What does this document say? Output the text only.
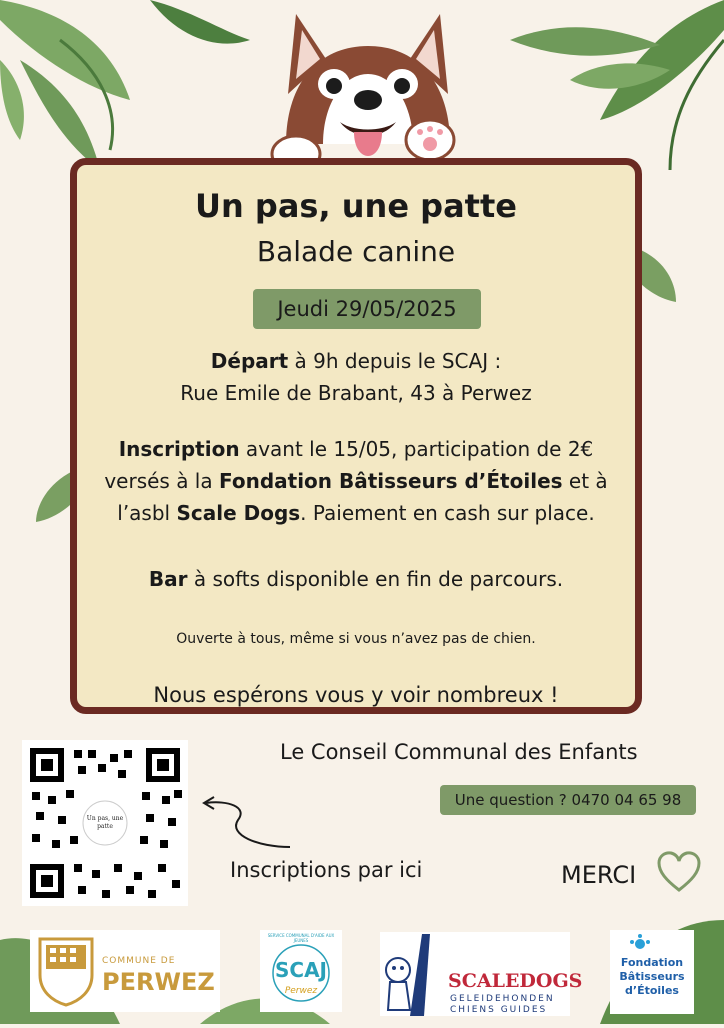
Un pas, une patte
Balade canine
Jeudi 29/05/2025
Départ à 9h depuis le SCAJ :
Rue Emile de Brabant, 43 à Perwez
Inscription avant le 15/05, participation de 2€
versés à la Fondation Bâtisseurs d’Étoiles et à
l’asbl Scale Dogs. Paiement en cash sur place.
Bar à softs disponible en fin de parcours.
Ouverte à tous, même si vous n’avez pas de chien.
Nous espérons vous y voir nombreux !
Un pas, une patte
Le Conseil Communal des Enfants
Une question ? 0470 04 65 98
Inscriptions par ici	MERCI
COMMUNE DE
PERWEZ
SERVICE COMMUNAL D'AIDE AUX JEUNES
SCAJ
Perwez	SCALEDOGS
GELEIDEHONDEN
CHIENS GUIDES
Fondation
Bâtisseurs
d’Étoiles
